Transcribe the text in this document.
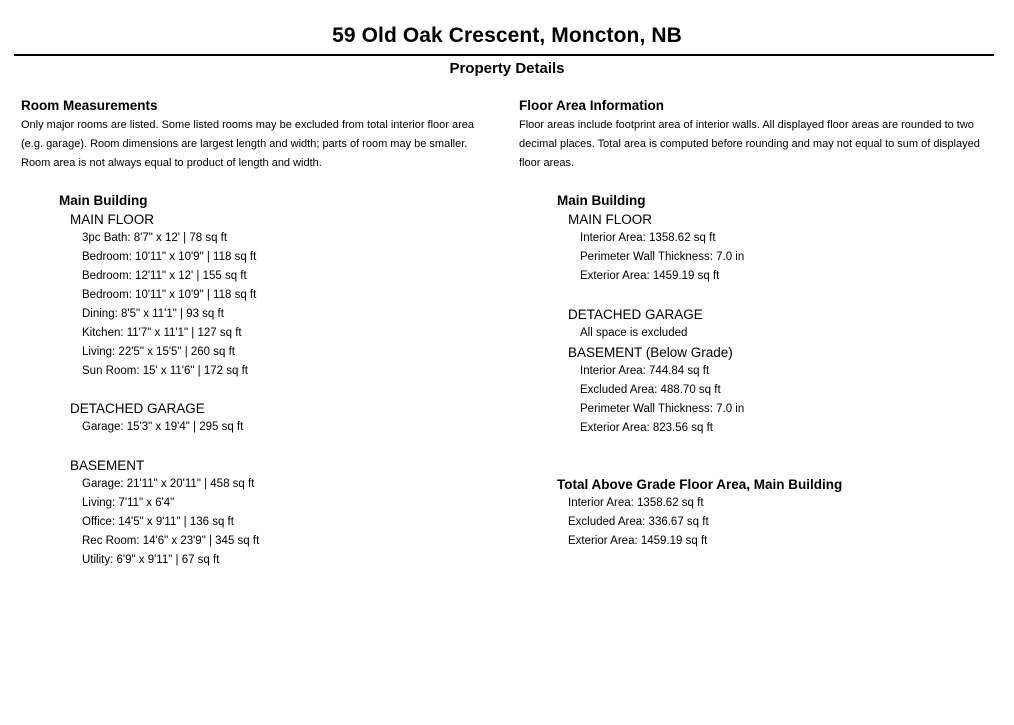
59 Old Oak Crescent, Moncton, NB
Property Details

Room Measurements

Only major rooms are listed. Some listed rooms may be excluded from total interior floor area

(e.g. garage). Room dimensions are largest length and width; parts of room may be smaller.

Room area is not always equal to product of length and width.

Main Building
MAIN FLOOR
3pc Bath: 8'7" x 12' | 78 sq ft
Bedroom: 10'11" x 10'9" | 118 sq ft
Bedroom: 12'11" x 12' | 155 sq ft
Bedroom: 10'11" x 10'9" | 118 sq ft
Dining: 8'5" x 11'1" | 93 sq ft
Kitchen: 11'7" x 11'1" | 127 sq ft
Living: 22'5" x 15'5" | 260 sq ft
Sun Room: 15' x 11'6" | 172 sq ft
DETACHED GARAGE
Garage: 15'3" x 19'4" | 295 sq ft
BASEMENT
Garage: 21'11" x 20'11" | 458 sq ft
Living: 7'11" x 6'4"
Office: 14'5" x 9'11" | 136 sq ft
Rec Room: 14'6" x 23'9" | 345 sq ft
Utility: 6'9" x 9'11" | 67 sq ft

Floor Area Information

Floor areas include footprint area of interior walls. All displayed floor areas are rounded to two

decimal places. Total area is computed before rounding and may not equal to sum of displayed

floor areas.

Main Building
MAIN FLOOR
Interior Area: 1358.62 sq ft
Perimeter Wall Thickness: 7.0 in
Exterior Area: 1459.19 sq ft
DETACHED GARAGE
All space is excluded
BASEMENT (Below Grade)
Interior Area: 744.84 sq ft
Excluded Area: 488.70 sq ft
Perimeter Wall Thickness: 7.0 in
Exterior Area: 823.56 sq ft
Total Above Grade Floor Area, Main Building
Interior Area: 1358.62 sq ft
Excluded Area: 336.67 sq ft
Exterior Area: 1459.19 sq ft
